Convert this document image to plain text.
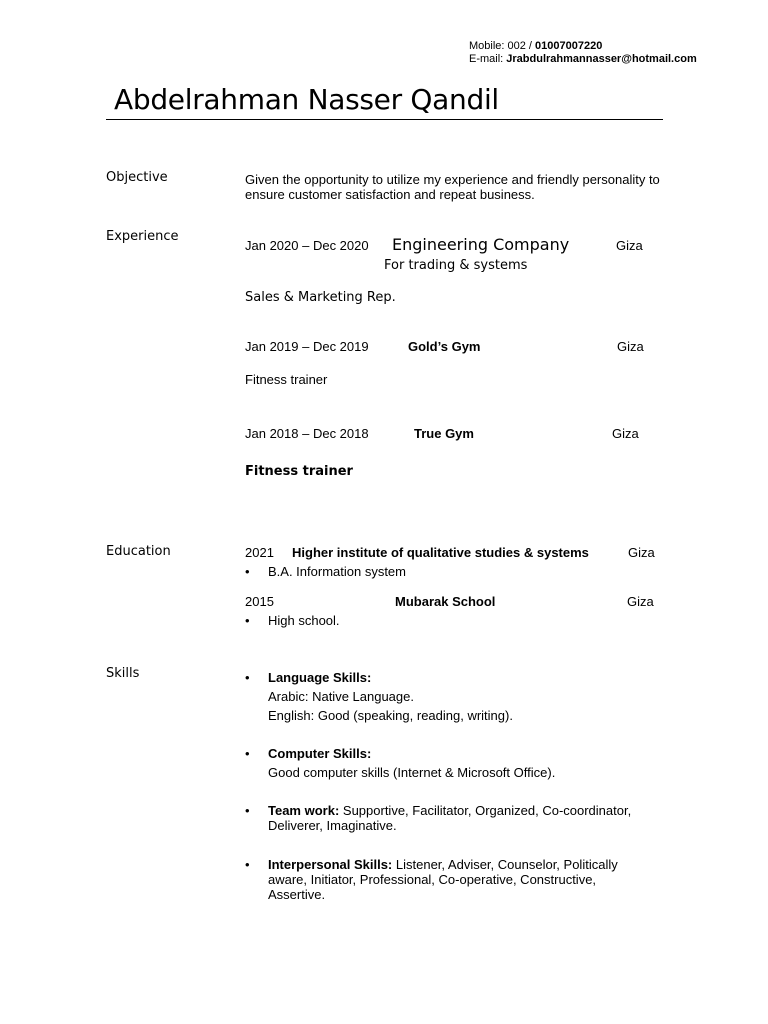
Mobile: 002 / 01007007220
E-mail: Jrabdulrahmannasser@hotmail.com
Abdelrahman Nasser Qandil
Objective	Given the opportunity to utilize my experience and friendly personality to ensure customer satisfaction and repeat business.
Experience
Jan 2020 – Dec 2020 Engineering Company	Giza
For trading & systems
Sales & Marketing Rep.
Jan 2019 – Dec 2019	Gold’s Gym	Giza
Fitness trainer
Jan 2018 – Dec 2018	True Gym	Giza
Fitness trainer
Education	2021 Higher institute of qualitative studies & systems	Giza
• B.A. Information system
2015	Mubarak School	Giza
• High school.
Skills	• Language Skills:
Arabic: Native Language.
English: Good (speaking, reading, writing).
• Computer Skills:
Good computer skills (Internet & Microsoft Office).
• Team work: Supportive, Facilitator, Organized, Co-coordinator, Deliverer, Imaginative.
• Interpersonal Skills: Listener, Adviser, Counselor, Politically aware, Initiator, Professional, Co-operative, Constructive, Assertive.
